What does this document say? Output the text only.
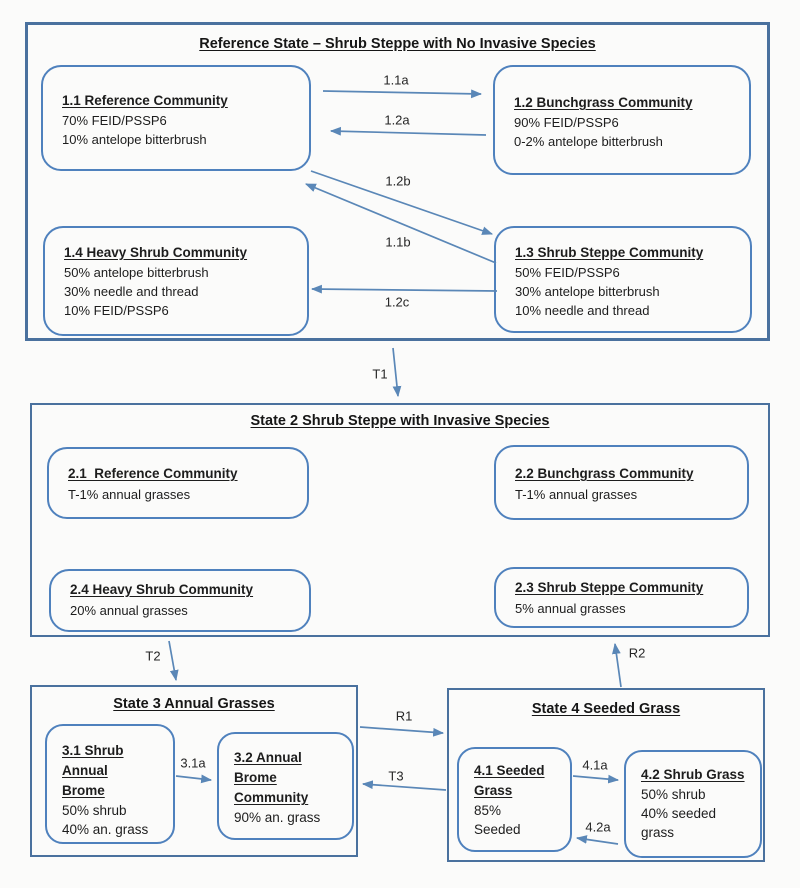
Reference State – Shrub Steppe with No Invasive Species
1.1 Reference Community
70% FEID/PSSP6
10% antelope bitterbrush
1.2 Bunchgrass Community
90% FEID/PSSP6
0-2% antelope bitterbrush
1.4 Heavy Shrub Community
50% antelope bitterbrush
30% needle and thread
10% FEID/PSSP6
1.3 Shrub Steppe Community
50% FEID/PSSP6
30% antelope bitterbrush
10% needle and thread
State 2 Shrub Steppe with Invasive Species
2.1  Reference Community
T-1% annual grasses
2.2 Bunchgrass Community
T-1% annual grasses
2.4 Heavy Shrub Community
20% annual grasses
2.3 Shrub Steppe Community
5% annual grasses
State 3 Annual Grasses
3.1 Shrub
Annual
Brome
50% shrub
40% an. grass
3.2 Annual
Brome
Community
90% an. grass
State 4 Seeded Grass
4.1 Seeded
Grass
85%
Seeded
4.2 Shrub Grass
50% shrub
40% seeded
grass
1.1a
1.2a
1.2b
1.1b
1.2c
T1
T2	R2
R1
T3
3.1a	4.1a
4.2a
